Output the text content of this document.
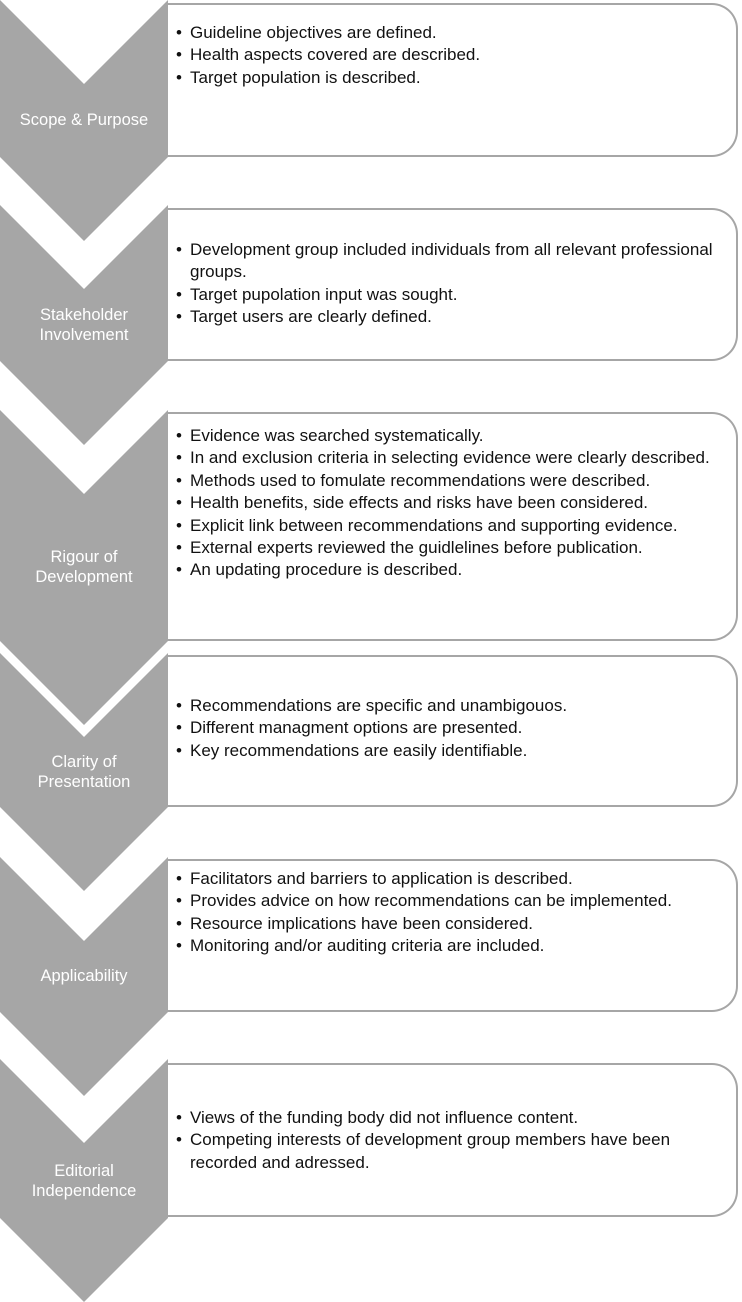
Scope & Purpose
• Guideline objectives are defined.
• Health aspects covered are described.
• Target population is described.
Stakeholder
Involvement
• Development group included individuals from all relevant professional groups.
• Target pupolation input was sought.
• Target users are clearly defined.
Rigour of
Development
• Evidence was searched systematically.
• In and exclusion criteria in selecting evidence were clearly described.
• Methods used to fomulate recommendations were described.
• Health benefits, side effects and risks have been considered.
• Explicit link between recommendations and supporting evidence.
• External experts reviewed the guidlelines before publication.
• An updating procedure is described.
Clarity of
Presentation
• Recommendations are specific and unambigouos.
• Different managment options are presented.
• Key recommendations are easily identifiable.
Applicability
• Facilitators and barriers to application is described.
• Provides advice on how recommendations can be implemented.
• Resource implications have been considered.
• Monitoring and/or auditing criteria are included.
Editorial
Independence
• Views of the funding body did not influence content.
• Competing interests of development group members have been recorded and adressed.
